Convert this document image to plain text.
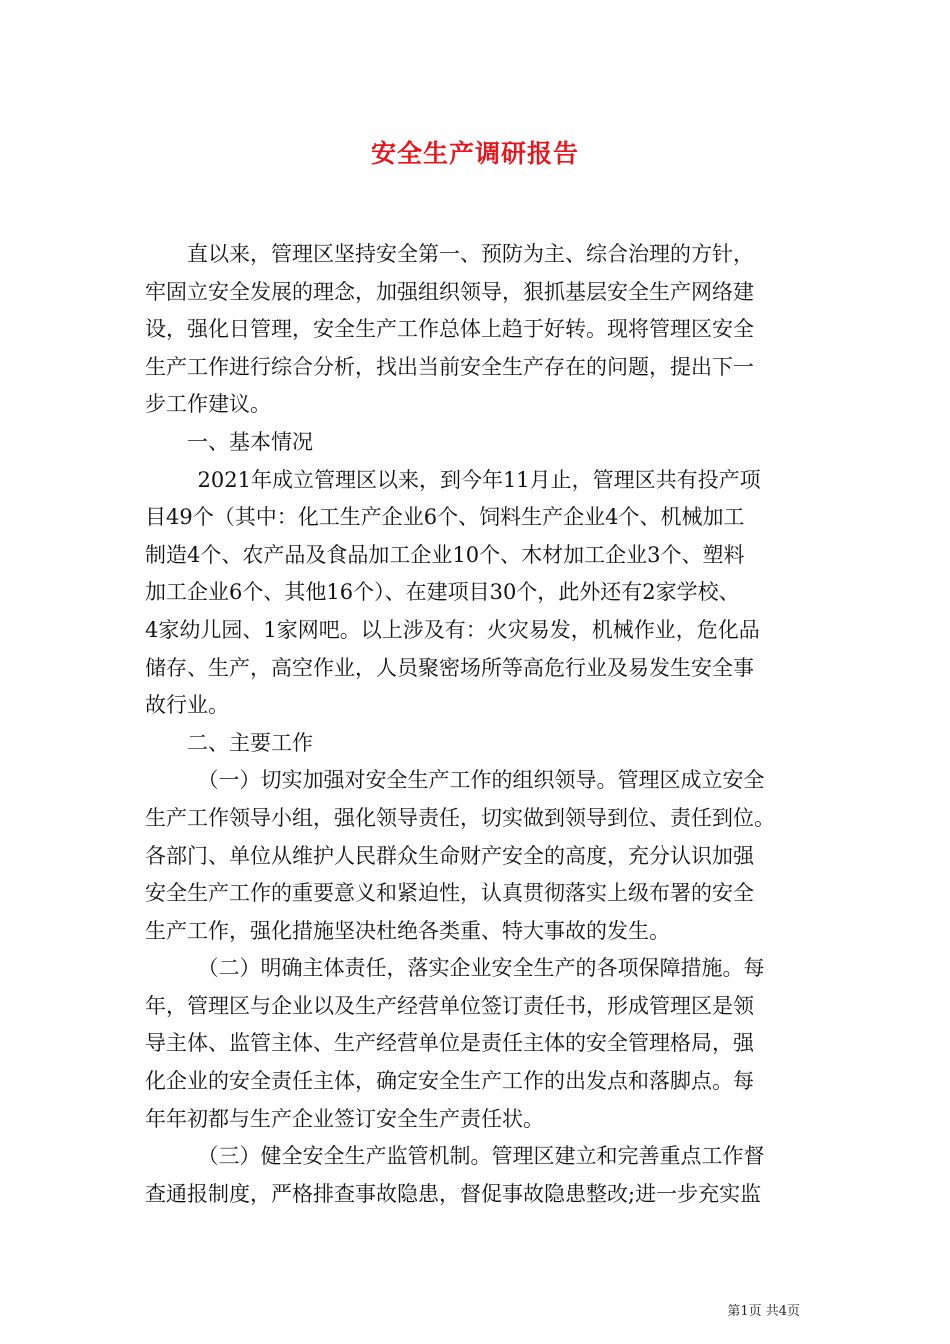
安全生产调研报告
直以来，管理区坚持安全第一、预防为主、综合治理的方针，
牢固立安全发展的理念，加强组织领导，狠抓基层安全生产网络建
设，强化日管理，安全生产工作总体上趋于好转。现将管理区安全
生产工作进行综合分析，找出当前安全生产存在的问题，提出下一
步工作建议。
一、基本情况
2021年成立管理区以来，到今年11月止，管理区共有投产项
目49个（其中：化工生产企业6个、饲料生产企业4个、机械加工
制造4个、农产品及食品加工企业10个、木材加工企业3个、塑料
加工企业6个、其他16个）、在建项目30个，此外还有2家学校、
4家幼儿园、1家网吧。以上涉及有：火灾易发，机械作业，危化品
储存、生产，高空作业，人员聚密场所等高危行业及易发生安全事
故行业。
二、主要工作
（一）切实加强对安全生产工作的组织领导。管理区成立安全
生产工作领导小组，强化领导责任，切实做到领导到位、责任到位。
各部门、单位从维护人民群众生命财产安全的高度，充分认识加强
安全生产工作的重要意义和紧迫性，认真贯彻落实上级布署的安全
生产工作，强化措施坚决杜绝各类重、特大事故的发生。
（二）明确主体责任，落实企业安全生产的各项保障措施。每
年，管理区与企业以及生产经营单位签订责任书，形成管理区是领
导主体、监管主体、生产经营单位是责任主体的安全管理格局，强
化企业的安全责任主体，确定安全生产工作的出发点和落脚点。每
年年初都与生产企业签订安全生产责任状。
（三）健全安全生产监管机制。管理区建立和完善重点工作督
查通报制度，严格排查事故隐患，督促事故隐患整改;进一步充实监
第1页 共4页
